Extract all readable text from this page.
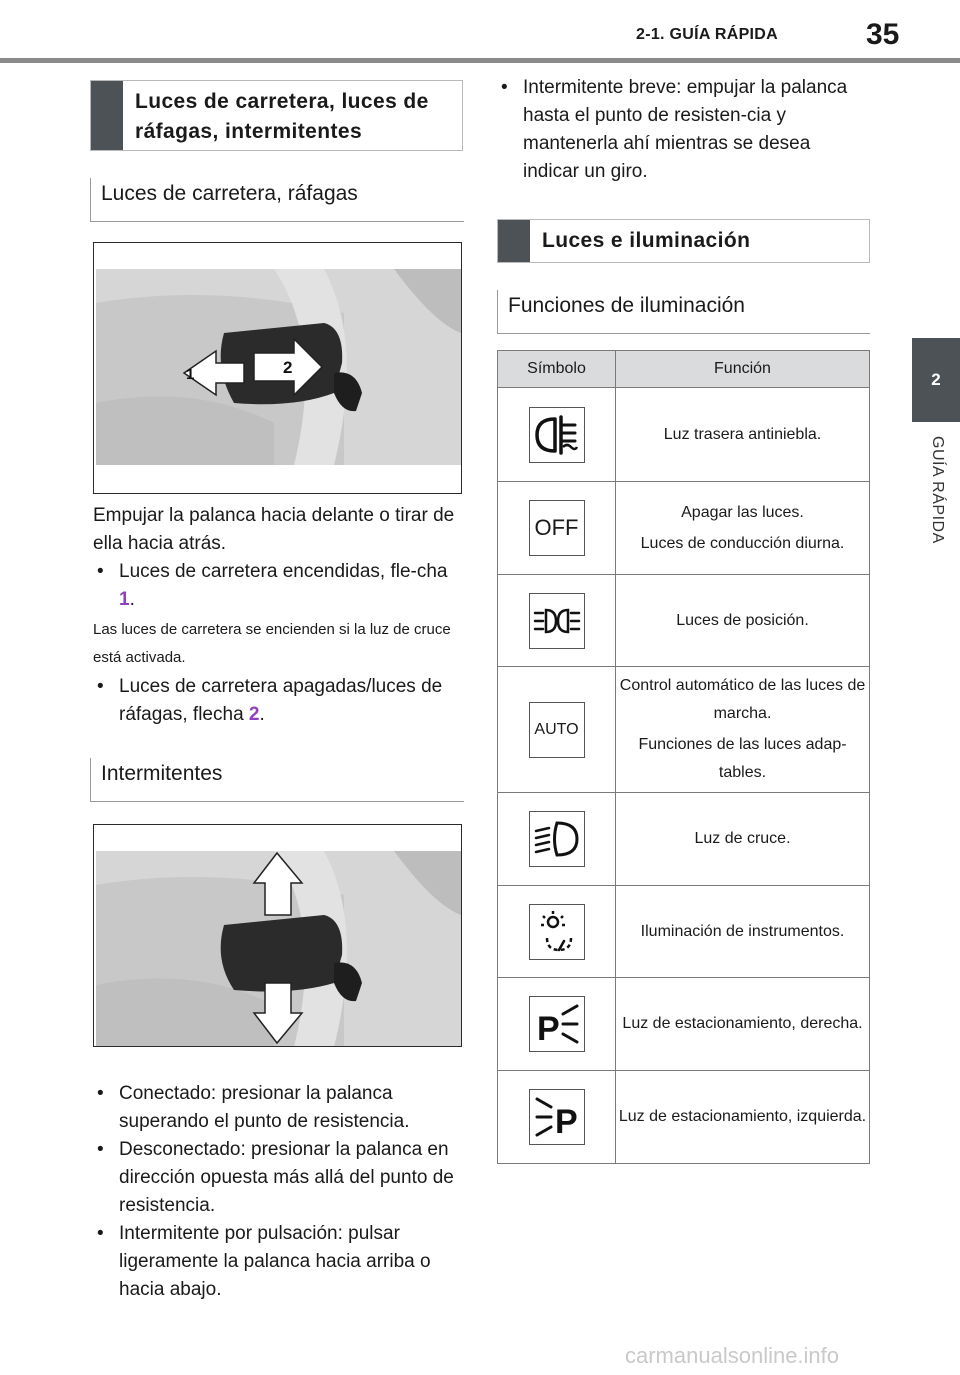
2-1. GUÍA RÁPIDA	35
2
GUÍA RÁPIDA
Luces de carretera, luces de ráfagas, intermitentes
Luces de carretera, ráfagas
1	2
Empujar la palanca hacia delante o tirar de ella hacia atrás.
• Luces de carretera encendidas, fle-cha 1.
Las luces de carretera se encienden si la luz de cruce está activada.
• Luces de carretera apagadas/luces de ráfagas, flecha 2.
Intermitentes
• Conectado: presionar la palanca superando el punto de resistencia.
• Desconectado: presionar la palanca en dirección opuesta más allá del punto de resistencia.
• Intermitente por pulsación: pulsar ligeramente la palanca hacia arriba o hacia abajo.
• Intermitente breve: empujar la palanca hasta el punto de resisten-cia y mantenerla ahí mientras se desea indicar un giro.
Luces e iluminación
Funciones de iluminación
Símbolo	Función

Luz trasera antiniebla.

OFF	Apagar las luces.

Luces de conducción diurna.

Luces de posición.

AUTO	Control automático de las luces de marcha.

Funciones de las luces adap-tables.

Luz de cruce.

Iluminación de instrumentos.

P	Luz de estacionamiento, derecha.

P	Luz de estacionamiento, izquierda.

carmanualsonline.info
